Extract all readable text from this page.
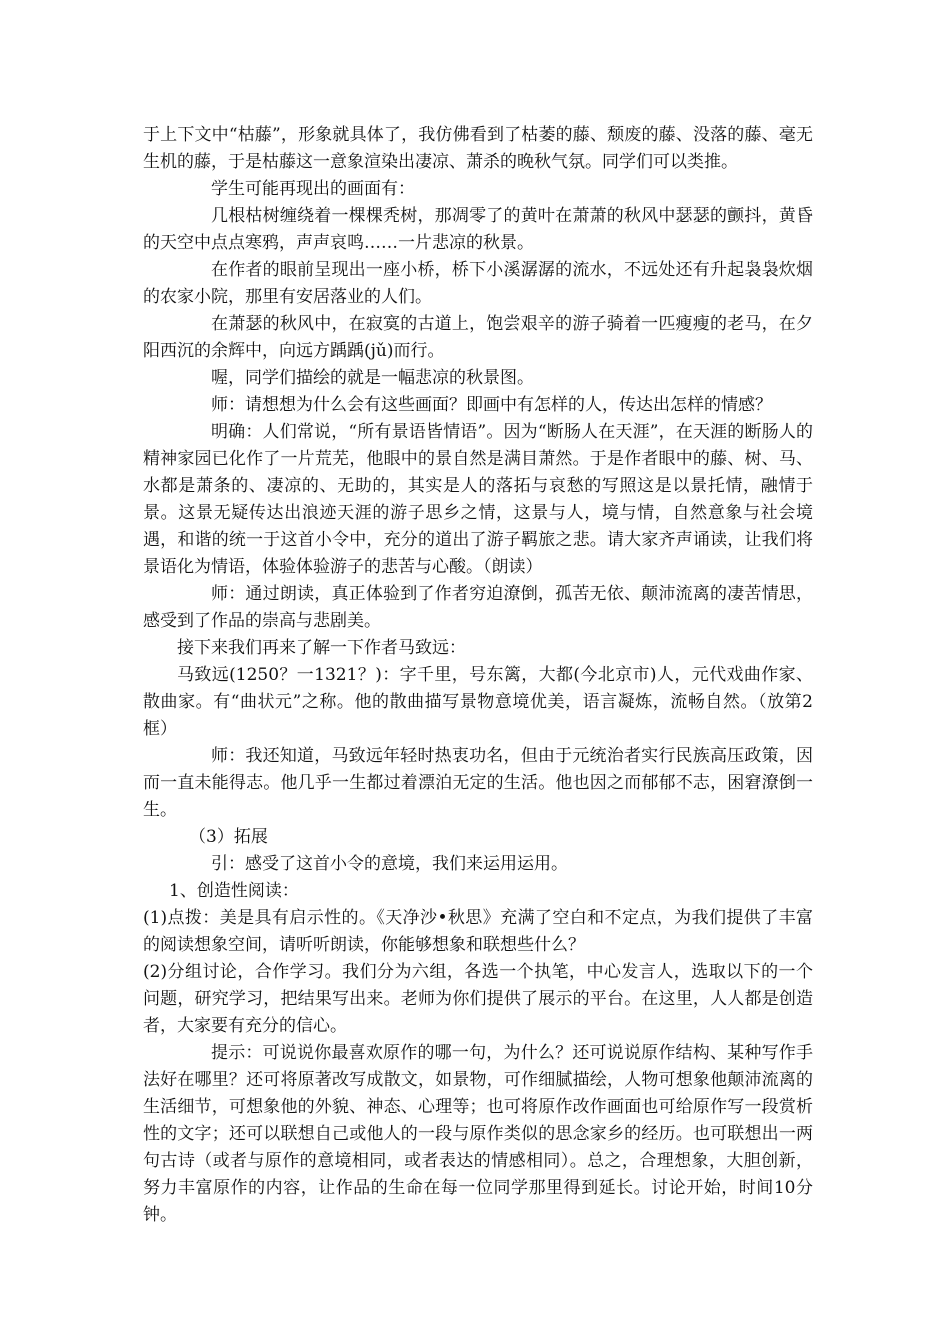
于上下文中“枯藤”，形象就具体了，我仿佛看到了枯萎的藤、颓废的藤、没落的藤、毫无生机的藤，于是枯藤这一意象渲染出凄凉、萧杀的晚秋气氛。同学们可以类推。

学生可能再现出的画面有：

几根枯树缠绕着一棵棵秃树，那凋零了的黄叶在萧萧的秋风中瑟瑟的颤抖，黄昏的天空中点点寒鸦，声声哀鸣……一片悲凉的秋景。

在作者的眼前呈现出一座小桥，桥下小溪潺潺的流水，不远处还有升起袅袅炊烟的农家小院，那里有安居落业的人们。

在萧瑟的秋风中，在寂寞的古道上，饱尝艰辛的游子骑着一匹瘦瘦的老马，在夕阳西沉的余辉中，向远方踽踽(jǔ)而行。

喔，同学们描绘的就是一幅悲凉的秋景图。

师：请想想为什么会有这些画面？即画中有怎样的人，传达出怎样的情感？

明确：人们常说，“所有景语皆情语”。因为“断肠人在天涯”，在天涯的断肠人的精神家园已化作了一片荒芜，他眼中的景自然是满目萧然。于是作者眼中的藤、树、马、水都是萧条的、凄凉的、无助的，其实是人的落拓与哀愁的写照这是以景托情，融情于景。这景无疑传达出浪迹天涯的游子思乡之情，这景与人，境与情，自然意象与社会境遇，和谐的统一于这首小令中，充分的道出了游子羁旅之悲。请大家齐声诵读，让我们将景语化为情语，体验体验游子的悲苦与心酸。（朗读）

师：通过朗读，真正体验到了作者穷迫潦倒，孤苦无依、颠沛流离的凄苦情思，感受到了作品的崇高与悲剧美。

接下来我们再来了解一下作者马致远：

马致远(1250？一1321？)：字千里，号东篱，大都(今北京市)人，元代戏曲作家、散曲家。有“曲状元”之称。他的散曲描写景物意境优美，语言凝炼，流畅自然。（放第2框）

师：我还知道，马致远年轻时热衷功名，但由于元统治者实行民族高压政策，因而一直未能得志。他几乎一生都过着漂泊无定的生活。他也因之而郁郁不志，困窘潦倒一生。

（3）拓展

引：感受了这首小令的意境，我们来运用运用。

1、创造性阅读：

(1)点拨：美是具有启示性的。《天净沙•秋思》充满了空白和不定点，为我们提供了丰富的阅读想象空间，请听听朗读，你能够想象和联想些什么？

(2)分组讨论，合作学习。我们分为六组，各选一个执笔，中心发言人，选取以下的一个问题，研究学习，把结果写出来。老师为你们提供了展示的平台。在这里，人人都是创造者，大家要有充分的信心。

提示：可说说你最喜欢原作的哪一句，为什么？还可说说原作结构、某种写作手法好在哪里？还可将原著改写成散文，如景物，可作细腻描绘，人物可想象他颠沛流离的生活细节，可想象他的外貌、神态、心理等；也可将原作改作画面也可给原作写一段赏析性的文字；还可以联想自己或他人的一段与原作类似的思念家乡的经历。也可联想出一两句古诗（或者与原作的意境相同，或者表达的情感相同）。总之，合理想象，大胆创新，努力丰富原作的内容，让作品的生命在每一位同学那里得到延长。讨论开始，时间10分钟。
